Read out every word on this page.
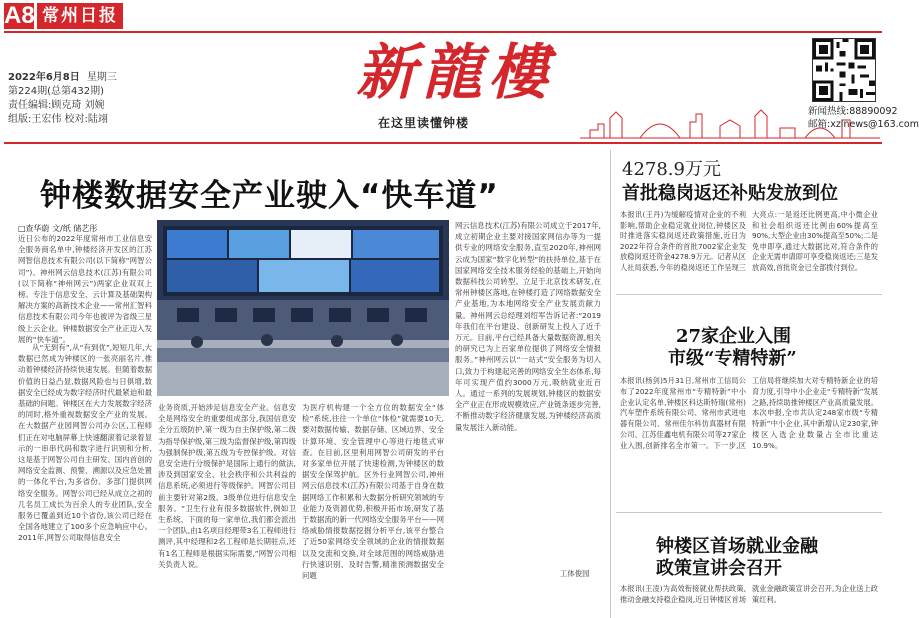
A8 常州日报
2022年6月8日 星期三
第224期(总第432期)
责任编辑:顾克琦 刘婉
组版:王宏伟 校对:陆翊
新龍樓
在这里读懂钟楼
新闻热线:88890092
邮箱:xzlnews@163.com
钟楼数据安全产业驶入“快车道”
□查华蔚 文/纸 储艺彤
近日公布的2022年度常州市工业信息安全服务商名单中,钟楼经济开发区的江苏网智信息技术有限公司(以下简称“网智公司”)、神州网云信息技术(江苏)有限公司(以下简称“神州网云”)两家企业双双上榜。专注于信息安全、云计算及基础架构解决方案的高新技术企业——常州汇智科信息技术有限公司今年也被评为省级三星级上云企业。钟楼数据安全产业正迈入发展的“快车道”。
从“无到有”,从“有到优”,短短几年,大数据已然成为钟楼区的一张亮丽名片,推动着钟楼经济持续快速发展。但随着数据价值的日益凸显,数据风险也与日俱增,数据安全已经成为数字经济时代最紧迫和最基础的问题。钟楼区在大力发展数字经济的同时,格外重视数据安全产业的发展。在大数据产业园网智公司办公区,工程师们正在对电脑屏幕上快速翻滚着记录着显示的一串串代码和数字进行识别和分析,这是基于网智公司自主研发、国内首创的网络安全监测、预警、溯源以及应急处置的一体化平台,为多省份、多部门提供网络安全服务。网智公司已经从成立之初的几名员工成长为百余人的专业团队,安全服务已覆盖到近10个省份,该公司已经在全国各地建立了100多个应急响应中心。2011年,网智公司取得信息安全
业务资质,开始涉足信息安全产业。信息安全是网络安全的重要组成部分,我国信息安全分五级防护,第一级为自主保护级,第二级为指导保护级,第三级为监督保护级,第四级为强制保护级,第五级为专控保护级。对信息安全进行分级保护是国际上通行的做法,涉及到国家安全、社会秩序和公共利益的信息系统,必须进行等级保护。网智公司目前主要针对第2级、3级单位进行信息安全服务。“卫生行业有很多数据软件,例如卫生系统、下面的每一家单位,我们都会派出一个团队,由1名项目经理带3名工程师进行测评,其中经理和2名工程师是长期驻点,还有1名工程师是根据实际需要,”网智公司相关负责人说。
为医疗机构建一个全方位的数据安全“体检”系统,往往一个单位“体检”就需要10天,要对数据传输、数据存储、区域边界、安全计算环境、安全管理中心等进行地毯式审查。在目前,区里利用网智公司研发的平台对多家单位开展了快速检测,为钟楼区的数据安全保驾护航。区外行业网智公司,神州网云信息技术(江苏)有限公司基于自身在数据网络工作积累和大数据分析研究领域的专业能力及资源优势,积极开拓市场,研发了基于数据流的新一代网络安全服务平台——网络威胁情报数据挖掘分析平台,该平台整合了近50家网络安全领域的企业的情报数据以及交流和交换,对全球范围的网络威胁进行快速识别、及时告警,精准预测数据安全问题
网云信息技术(江苏)有限公司成立于2017年,成立初期企业主要对接国家网信办等为一提供专业的网络安全服务,直至2020年,神州网云成为国家“数字化转型”的扶持单位,基于在国家网络安全技术服务经验的基础上,开始向数据科技公司转型。立足于北京技术研发,在常州钟楼区落地,在钟楼打造了网络数据安全产业基地,为本地网络安全产业发展贡献力量。神州网云总经理刘绍军告诉记者:“2019年我们在平台建设、创新研发上投入了近千万元。目前,平台已经具备大量数据资源,相关的研究已为上百家单位提供了网络安全情报服务。”神州网云以“一站式”安全服务为切入口,致力于构建起完善的网络安全生态体系,每年可实现产值约3000万元,吸纳就业近百人。通过一系列的发展规划,钟楼区的数据安全产业正在形成规模效应,产业链条逐步完善,不断推动数字经济健康发展,为钟楼经济高质量发展注入新动能。
工体俊园
4278.9万元
首批稳岗返还补贴发放到位
本报讯(王丹)为缓解疫情对企业的不利影响,帮助企业稳定就业岗位,钟楼区及时推进落实稳岗返还政策措施,近日为2022年符合条件的首批7002家企业发放稳岗返还资金4278.9万元。记者从区人社局获悉,今年的稳岗返还工作呈现三大亮点:一是返还比例更高,中小微企业和社会组织返还比例由60%提高至90%,大型企业由30%提高至50%;二是免申即享,通过大数据比对,符合条件的企业无需申请即可享受稳岗返还;三是发放高效,首批资金已全部拨付到位。
27家企业入围
市级“专精特新”
本报讯(杨剑)5月31日,常州市工信局公布了2022年度常州市“专精特新”中小企业认定名单,钟楼区科达斯特瑞(常州)汽车塑件系统有限公司、常州市武进电器有限公司、常州佳尔科仿真器材有限公司、江苏佳鑫电机有限公司等27家企业入围,创新排名全市第一。下一步,区工信局将继续加大对专精特新企业的培育力度,引导中小企业走“专精特新”发展之路,持续助推钟楼区产业高质量发展。本次申报,全市共认定248家市级“专精特新”中小企业,其中新增认定230家,钟楼区入选企业数量占全市比重达10.9%。
钟楼区首场就业金融
政策宣讲会召开
本报讯(王凌)为高效衔接就业帮扶政策,推动金融支持稳企稳岗,近日钟楼区首场就业金融政策宣讲会召开,为企业送上政策红利。
